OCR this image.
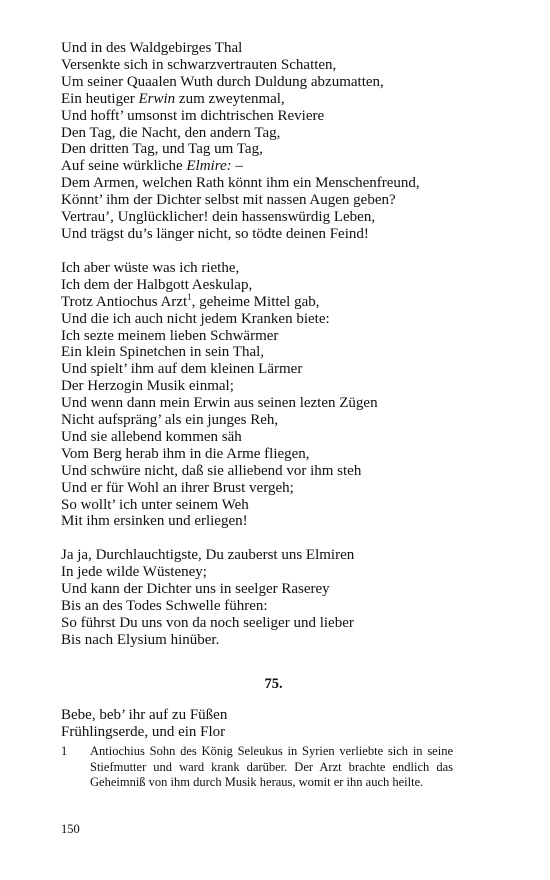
Und in des Waldgebirges Thal
Versenkte sich in schwarzvertrauten Schatten,
Um seiner Quaalen Wuth durch Duldung abzumatten,
Ein heutiger Erwin zum zweytenmal,
Und hofft’ umsonst im dichtrischen Reviere
Den Tag, die Nacht, den andern Tag,
Den dritten Tag, und Tag um Tag,
Auf seine würkliche Elmire: –
Dem Armen, welchen Rath könnt ihm ein Menschenfreund,
Könnt’ ihm der Dichter selbst mit nassen Augen geben?
Vertrau’, Unglücklicher! dein hassenswürdig Leben,
Und trägst du’s länger nicht, so tödte deinen Feind!

Ich aber wüste was ich riethe,
Ich dem der Halbgott Aeskulap,
Trotz Antiochus Arzt$^1$, geheime Mittel gab,
Und die ich auch nicht jedem Kranken biete:
Ich sezte meinem lieben Schwärmer
Ein klein Spinetchen in sein Thal,
Und spielt’ ihm auf dem kleinen Lärmer
Der Herzogin Musik einmal;
Und wenn dann mein Erwin aus seinen lezten Zügen
Nicht aufspräng’ als ein junges Reh,
Und sie allebend kommen säh
Vom Berg herab ihm in die Arme fliegen,
Und schwüre nicht, daß sie alliebend vor ihm steh
Und er für Wohl an ihrer Brust vergeh;
So wollt’ ich unter seinem Weh
Mit ihm ersinken und erliegen!

Ja ja, Durchlauchtigste, Du zauberst uns Elmiren
In jede wilde Wüsteney;
Und kann der Dichter uns in seelger Raserey
Bis an des Todes Schwelle führen:
So führst Du uns von da noch seeliger und lieber
Bis nach Elysium hinüber.

75.

Bebe, beb’ ihr auf zu Füßen
Frühlingserde, und ein Flor

1	Antiochius Sohn des König Seleukus in Syrien verliebte sich in seine Stiefmutter und ward krank darüber. Der Arzt brachte endlich das Geheimniß von ihm durch Musik heraus, womit er ihn auch heilte.
150
